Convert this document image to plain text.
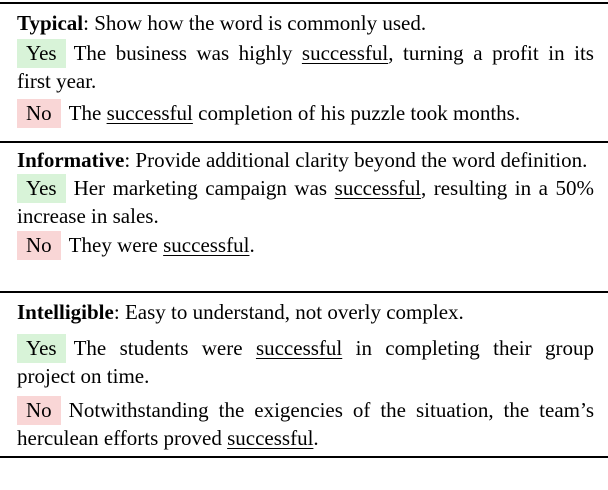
Typical: Show how the word is commonly used.

Yes The business was highly successful, turning a profit in its first year.

No The successful completion of his puzzle took months.

Informative: Provide additional clarity beyond the word definition.

Yes Her marketing campaign was successful, resulting in a 50% increase in sales.

No They were successful.

Intelligible: Easy to understand, not overly complex.

Yes The students were successful in completing their group project on time.

No Notwithstanding the exigencies of the situation, the team’s herculean efforts proved successful.
